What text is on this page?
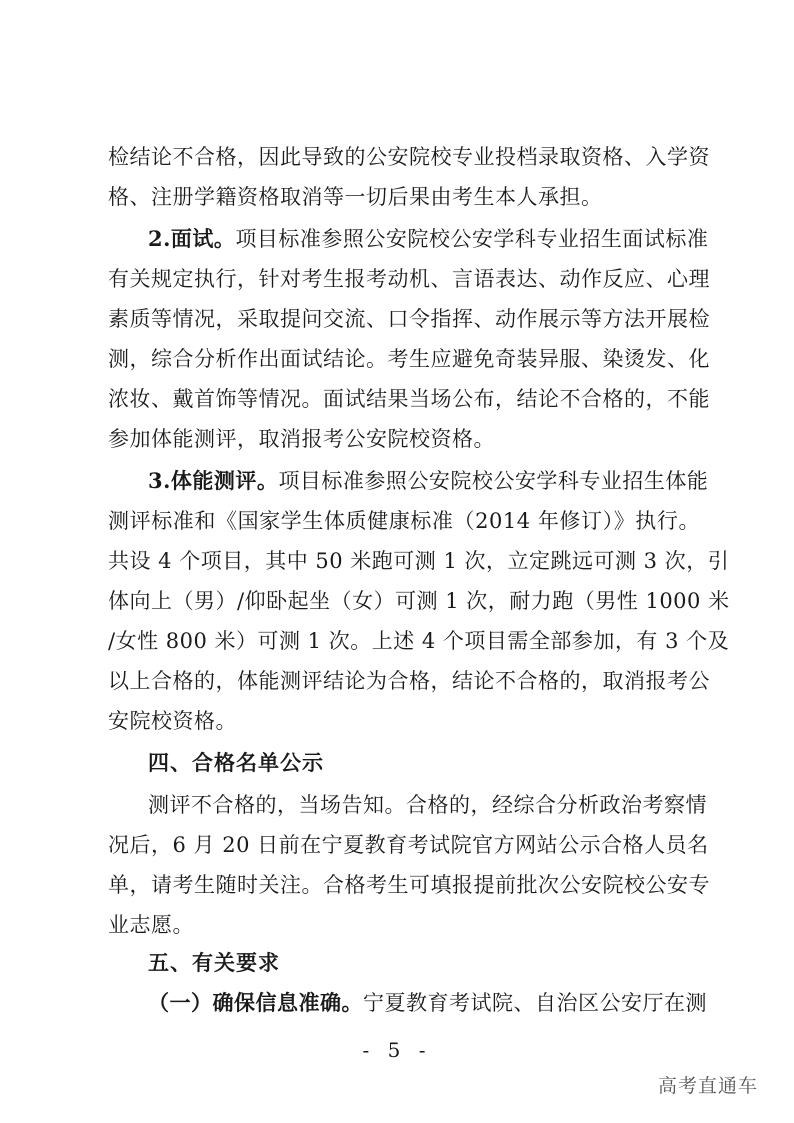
检结论不合格，因此导致的公安院校专业投档录取资格、入学资
格、注册学籍资格取消等一切后果由考生本人承担。
2.面试。项目标准参照公安院校公安学科专业招生面试标准
有关规定执行，针对考生报考动机、言语表达、动作反应、心理
素质等情况，采取提问交流、口令指挥、动作展示等方法开展检
测，综合分析作出面试结论。考生应避免奇装异服、染烫发、化
浓妆、戴首饰等情况。面试结果当场公布，结论不合格的，不能
参加体能测评，取消报考公安院校资格。
3.体能测评。项目标准参照公安院校公安学科专业招生体能
测评标准和《国家学生体质健康标准（2014 年修订）》执行。
共设 4 个项目，其中 50 米跑可测 1 次，立定跳远可测 3 次，引
体向上（男）/仰卧起坐（女）可测 1 次，耐力跑（男性 1000 米
/女性 800 米）可测 1 次。上述 4 个项目需全部参加，有 3 个及
以上合格的，体能测评结论为合格，结论不合格的，取消报考公
安院校资格。
四、合格名单公示
测评不合格的，当场告知。合格的，经综合分析政治考察情
况后，6 月 20 日前在宁夏教育考试院官方网站公示合格人员名
单，请考生随时关注。合格考生可填报提前批次公安院校公安专
业志愿。
五、有关要求
（一）确保信息准确。宁夏教育考试院、自治区公安厅在测
- 5 -
高考直通车
